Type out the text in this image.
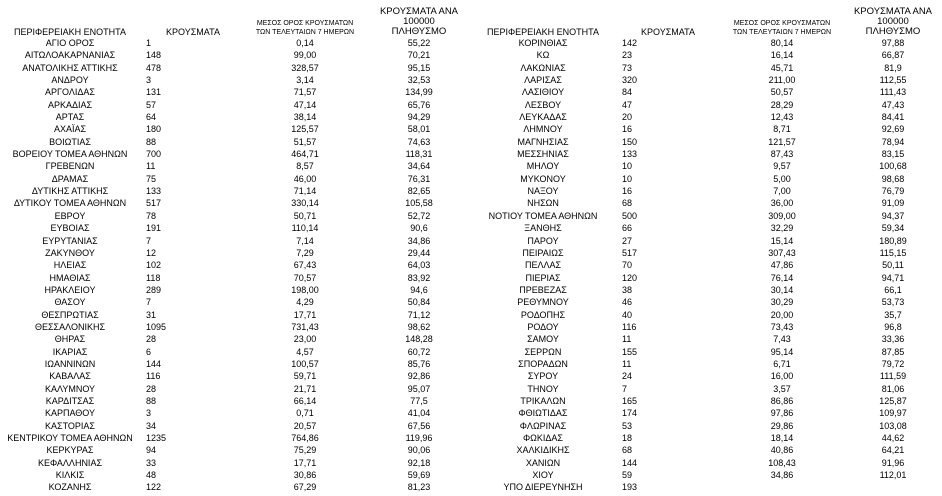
ΠΕΡΙΦΕΡΕΙΑΚΗ ΕΝΟΤΗΤΑ	ΚΡΟΥΣΜΑΤΑ	ΜΕΣΟΣ ΟΡΟΣ ΚΡΟΥΣΜΑΤΩΝ
ΤΩΝ ΤΕΛΕΥΤΑΙΩΝ 7 ΗΜΕΡΩΝ	ΚΡΟΥΣΜΑΤΑ ΑΝΑ 100000
ΠΛΗΘΥΣΜΟ
ΑΓΙΟ ΟΡΟΣ	1	0,14	55,22
ΑΙΤΩΛΟΑΚΑΡΝΑΝΙΑΣ	148	99,00	70,21
ΑΝΑΤΟΛΙΚΗΣ ΑΤΤΙΚΗΣ	478	328,57	95,15
ΑΝΔΡΟΥ	3	3,14	32,53
ΑΡΓΟΛΙΔΑΣ	131	71,57	134,99
ΑΡΚΑΔΙΑΣ	57	47,14	65,76
ΑΡΤΑΣ	64	38,14	94,29
ΑΧΑΪΑΣ	180	125,57	58,01
ΒΟΙΩΤΙΑΣ	88	51,57	74,63
ΒΟΡΕΙΟΥ ΤΟΜΕΑ ΑΘΗΝΩΝ	700	464,71	118,31
ΓΡΕΒΕΝΩΝ	11	8,57	34,64
ΔΡΑΜΑΣ	75	46,00	76,31
ΔΥΤΙΚΗΣ ΑΤΤΙΚΗΣ	133	71,14	82,65
ΔΥΤΙΚΟΥ ΤΟΜΕΑ ΑΘΗΝΩΝ	517	330,14	105,58
ΕΒΡΟΥ	78	50,71	52,72
ΕΥΒΟΙΑΣ	191	110,14	90,6
ΕΥΡΥΤΑΝΙΑΣ	7	7,14	34,86
ΖΑΚΥΝΘΟΥ	12	7,29	29,44
ΗΛΕΙΑΣ	102	67,43	64,03
ΗΜΑΘΙΑΣ	118	70,57	83,92
ΗΡΑΚΛΕΙΟΥ	289	198,00	94,6
ΘΑΣΟΥ	7	4,29	50,84
ΘΕΣΠΡΩΤΙΑΣ	31	17,71	71,12
ΘΕΣΣΑΛΟΝΙΚΗΣ	1095	731,43	98,62
ΘΗΡΑΣ	28	23,00	148,28
ΙΚΑΡΙΑΣ	6	4,57	60,72
ΙΩΑΝΝΙΝΩΝ	144	100,57	85,76
ΚΑΒΑΛΑΣ	116	59,71	92,86
ΚΑΛΥΜΝΟΥ	28	21,71	95,07
ΚΑΡΔΙΤΣΑΣ	88	66,14	77,5
ΚΑΡΠΑΘΟΥ	3	0,71	41,04
ΚΑΣΤΟΡΙΑΣ	34	20,57	67,56
ΚΕΝΤΡΙΚΟΥ ΤΟΜΕΑ ΑΘΗΝΩΝ	1235	764,86	119,96
ΚΕΡΚΥΡΑΣ	94	75,29	90,06
ΚΕΦΑΛΛΗΝΙΑΣ	33	17,71	92,18
ΚΙΛΚΙΣ	48	30,86	59,69
ΚΟΖΑΝΗΣ	122	67,29	81,23
ΠΕΡΙΦΕΡΕΙΑΚΗ ΕΝΟΤΗΤΑ	ΚΡΟΥΣΜΑΤΑ	ΜΕΣΟΣ ΟΡΟΣ ΚΡΟΥΣΜΑΤΩΝ
ΤΩΝ ΤΕΛΕΥΤΑΙΩΝ 7 ΗΜΕΡΩΝ	ΚΡΟΥΣΜΑΤΑ ΑΝΑ 100000
ΠΛΗΘΥΣΜΟ
ΚΟΡΙΝΘΙΑΣ	142	80,14	97,88
ΚΩ	23	16,14	66,87
ΛΑΚΩΝΙΑΣ	73	45,71	81,9
ΛΑΡΙΣΑΣ	320	211,00	112,55
ΛΑΣΙΘΙΟΥ	84	50,57	111,43
ΛΕΣΒΟΥ	47	28,29	47,43
ΛΕΥΚΑΔΑΣ	20	12,43	84,41
ΛΗΜΝΟΥ	16	8,71	92,69
ΜΑΓΝΗΣΙΑΣ	150	121,57	78,94
ΜΕΣΣΗΝΙΑΣ	133	87,43	83,15
ΜΗΛΟΥ	10	9,57	100,68
ΜΥΚΟΝΟΥ	10	5,00	98,68
ΝΑΞΟΥ	16	7,00	76,79
ΝΗΣΩΝ	68	36,00	91,09
ΝΟΤΙΟΥ ΤΟΜΕΑ ΑΘΗΝΩΝ	500	309,00	94,37
ΞΑΝΘΗΣ	66	32,29	59,34
ΠΑΡΟΥ	27	15,14	180,89
ΠΕΙΡΑΙΩΣ	517	307,43	115,15
ΠΕΛΛΑΣ	70	47,86	50,11
ΠΙΕΡΙΑΣ	120	76,14	94,71
ΠΡΕΒΕΖΑΣ	38	30,14	66,1
ΡΕΘΥΜΝΟΥ	46	30,29	53,73
ΡΟΔΟΠΗΣ	40	20,00	35,7
ΡΟΔΟΥ	116	73,43	96,8
ΣΑΜΟΥ	11	7,43	33,36
ΣΕΡΡΩΝ	155	95,14	87,85
ΣΠΟΡΑΔΩΝ	11	6,71	79,72
ΣΥΡΟΥ	24	16,00	111,59
ΤΗΝΟΥ	7	3,57	81,06
ΤΡΙΚΑΛΩΝ	165	86,86	125,87
ΦΘΙΩΤΙΔΑΣ	174	97,86	109,97
ΦΛΩΡΙΝΑΣ	53	29,86	103,08
ΦΩΚΙΔΑΣ	18	18,14	44,62
ΧΑΛΚΙΔΙΚΗΣ	68	40,86	64,21
ΧΑΝΙΩΝ	144	108,43	91,96
ΧΙΟΥ	59	34,86	112,01
ΥΠΟ ΔΙΕΡΕΥΝΗΣΗ	193		
